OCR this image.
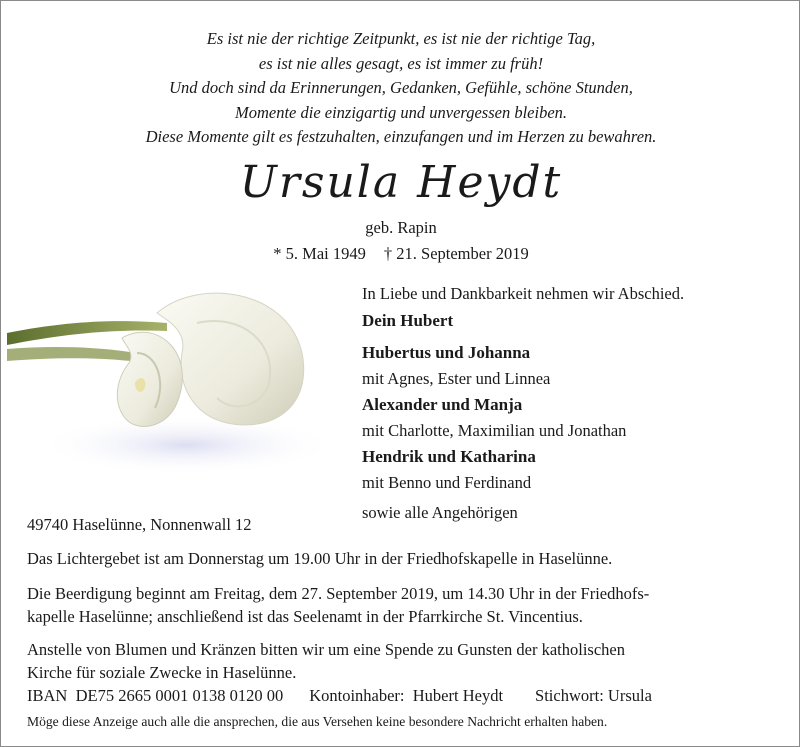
Es ist nie der richtige Zeitpunkt, es ist nie der richtige Tag,
es ist nie alles gesagt, es ist immer zu früh!
Und doch sind da Erinnerungen, Gedanken, Gefühle, schöne Stunden,
Momente die einzigartig und unvergessen bleiben.
Diese Momente gilt es festzuhalten, einzufangen und im Herzen zu bewahren.
Ursula Heydt
geb. Rapin
* 5. Mai 1949 † 21. September 2019
In Liebe und Dankbarkeit nehmen wir Abschied.
Dein Hubert
Hubertus und Johanna
mit Agnes, Ester und Linnea
Alexander und Manja
mit Charlotte, Maximilian und Jonathan
Hendrik und Katharina
mit Benno und Ferdinand
sowie alle Angehörigen
49740 Haselünne, Nonnenwall 12
Das Lichtergebet ist am Donnerstag um 19.00 Uhr in der Friedhofskapelle in Haselünne.
Die Beerdigung beginnt am Freitag, dem 27. September 2019, um 14.30 Uhr in der Friedhofs-
kapelle Haselünne; anschließend ist das Seelenamt in der Pfarrkirche St. Vincentius.
Anstelle von Blumen und Kränzen bitten wir um eine Spende zu Gunsten der katholischen
Kirche für soziale Zwecke in Haselünne.
IBAN  DE75 2665 0001 0138 0120 00 Kontoinhaber:  Hubert Heydt Stichwort: Ursula
Möge diese Anzeige auch alle die ansprechen, die aus Versehen keine besondere Nachricht erhalten haben.
